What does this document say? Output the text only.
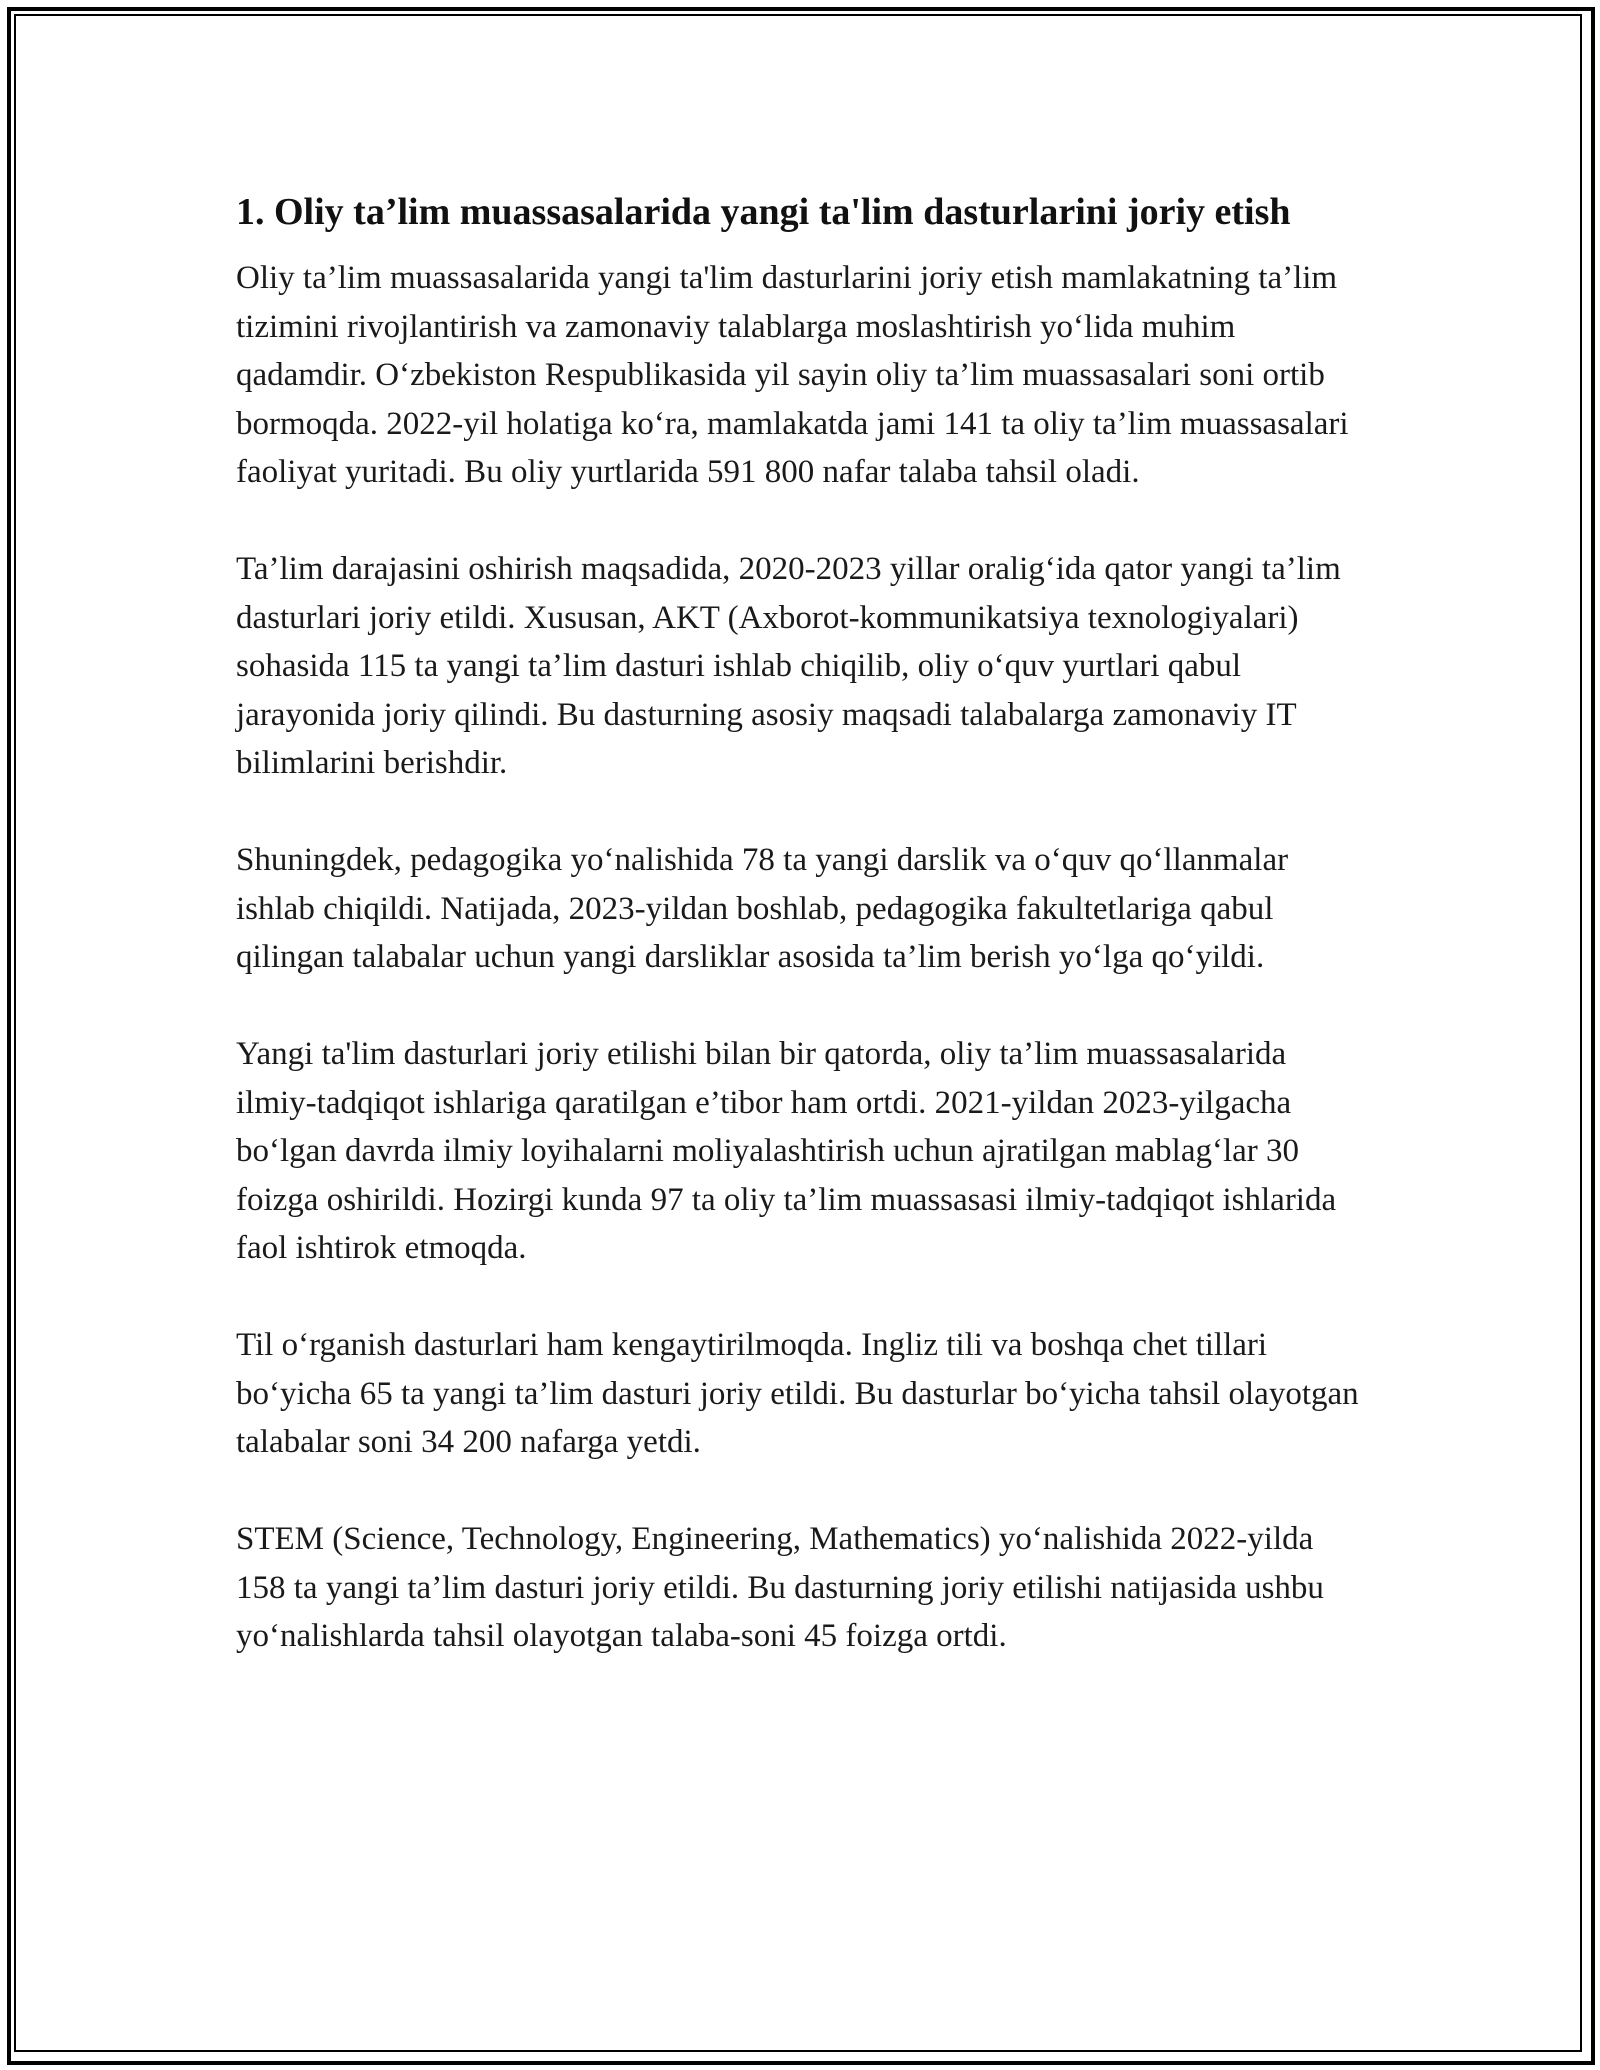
1. Oliy ta’lim muassasalarida yangi ta'lim dasturlarini joriy etish

Oliy ta’lim muassasalarida yangi ta'lim dasturlarini joriy etish mamlakatning ta’lim tizimini rivojlantirish va zamonaviy talablarga moslashtirish yo‘lida muhim qadamdir. O‘zbekiston Respublikasida yil sayin oliy ta’lim muassasalari soni ortib bormoqda. 2022-yil holatiga ko‘ra, mamlakatda jami 141 ta oliy ta’lim muassasalari faoliyat yuritadi. Bu oliy yurtlarida 591 800 nafar talaba tahsil oladi.

Ta’lim darajasini oshirish maqsadida, 2020-2023 yillar oralig‘ida qator yangi ta’lim dasturlari joriy etildi. Xususan, AKT (Axborot-kommunikatsiya texnologiyalari) sohasida 115 ta yangi ta’lim dasturi ishlab chiqilib, oliy o‘quv yurtlari qabul jarayonida joriy qilindi. Bu dasturning asosiy maqsadi talabalarga zamonaviy IT bilimlarini berishdir.

Shuningdek, pedagogika yo‘nalishida 78 ta yangi darslik va o‘quv qo‘llanmalar ishlab chiqildi. Natijada, 2023-yildan boshlab, pedagogika fakultetlariga qabul qilingan talabalar uchun yangi darsliklar asosida ta’lim berish yo‘lga qo‘yildi.

Yangi ta'lim dasturlari joriy etilishi bilan bir qatorda, oliy ta’lim muassasalarida ilmiy-tadqiqot ishlariga qaratilgan e’tibor ham ortdi. 2021-yildan 2023-yilgacha bo‘lgan davrda ilmiy loyihalarni moliyalashtirish uchun ajratilgan mablag‘lar 30 foizga oshirildi. Hozirgi kunda 97 ta oliy ta’lim muassasasi ilmiy-tadqiqot ishlarida faol ishtirok etmoqda.

Til o‘rganish dasturlari ham kengaytirilmoqda. Ingliz tili va boshqa chet tillari bo‘yicha 65 ta yangi ta’lim dasturi joriy etildi. Bu dasturlar bo‘yicha tahsil olayotgan talabalar soni 34 200 nafarga yetdi.

STEM (Science, Technology, Engineering, Mathematics) yo‘nalishida 2022-yilda 158 ta yangi ta’lim dasturi joriy etildi. Bu dasturning joriy etilishi natijasida ushbu yo‘nalishlarda tahsil olayotgan talaba-soni 45 foizga ortdi.
